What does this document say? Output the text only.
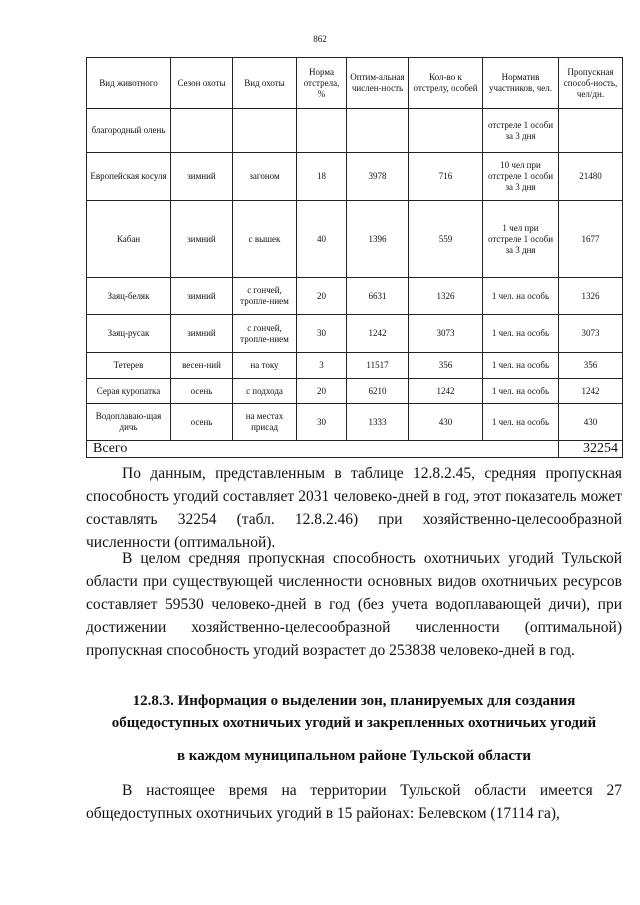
862
Вид животного	Сезон охоты	Вид охоты	Норма отстрела, %	Оптим-альная числен-ность	Кол-во к отстрелу, особей	Норматив участников, чел.	Пропускная способ-ность, чел/дн.
благородный олень						отстреле 1 особи за 3 дня	
Европейская косуля	зимний	загоном	18	3978	716	10 чел при отстреле 1 особи за 3 дня	21480
Кабан	зимний	с вышек	40	1396	559	1 чел при отстреле 1 особи за 3 дня	1677
Заяц-беляк	зимний	с гончей, тропле-нием	20	6631	1326	1 чел. на особь	1326
Заяц-русак	зимний	с гончей, тропле-нием	30	1242	3073	1 чел. на особь	3073
Тетерев	весен-ний	на току	3	11517	356	1 чел. на особь	356
Серая куропатка	осень	с подхода	20	6210	1242	1 чел. на особь	1242
Водоплаваю-щая дичь	осень	на местах присад	30	1333	430	1 чел. на особь	430
Всего							32254

По данным, представленным в таблице 12.8.2.45, средняя пропускная способность угодий составляет 2031 человеко-дней в год, этот показатель может составлять 32254 (табл. 12.8.2.46) при хозяйственно-целесообразной численности (оптимальной).

В целом средняя пропускная способность охотничьих угодий Тульской области при существующей численности основных видов охотничьих ресурсов составляет 59530 человеко-дней в год (без учета водоплавающей дичи), при достижении хозяйственно-целесообразной численности (оптимальной) пропускная способность угодий возрастет до 253838 человеко-дней в год.

12.8.3. Информация о выделении зон, планируемых для создания общедоступных охотничьих угодий и закрепленных охотничьих угодий

в каждом муниципальном районе Тульской области

В настоящее время на территории Тульской области имеется 27 общедоступных охотничьих угодий в 15 районах: Белевском (17114 га),
